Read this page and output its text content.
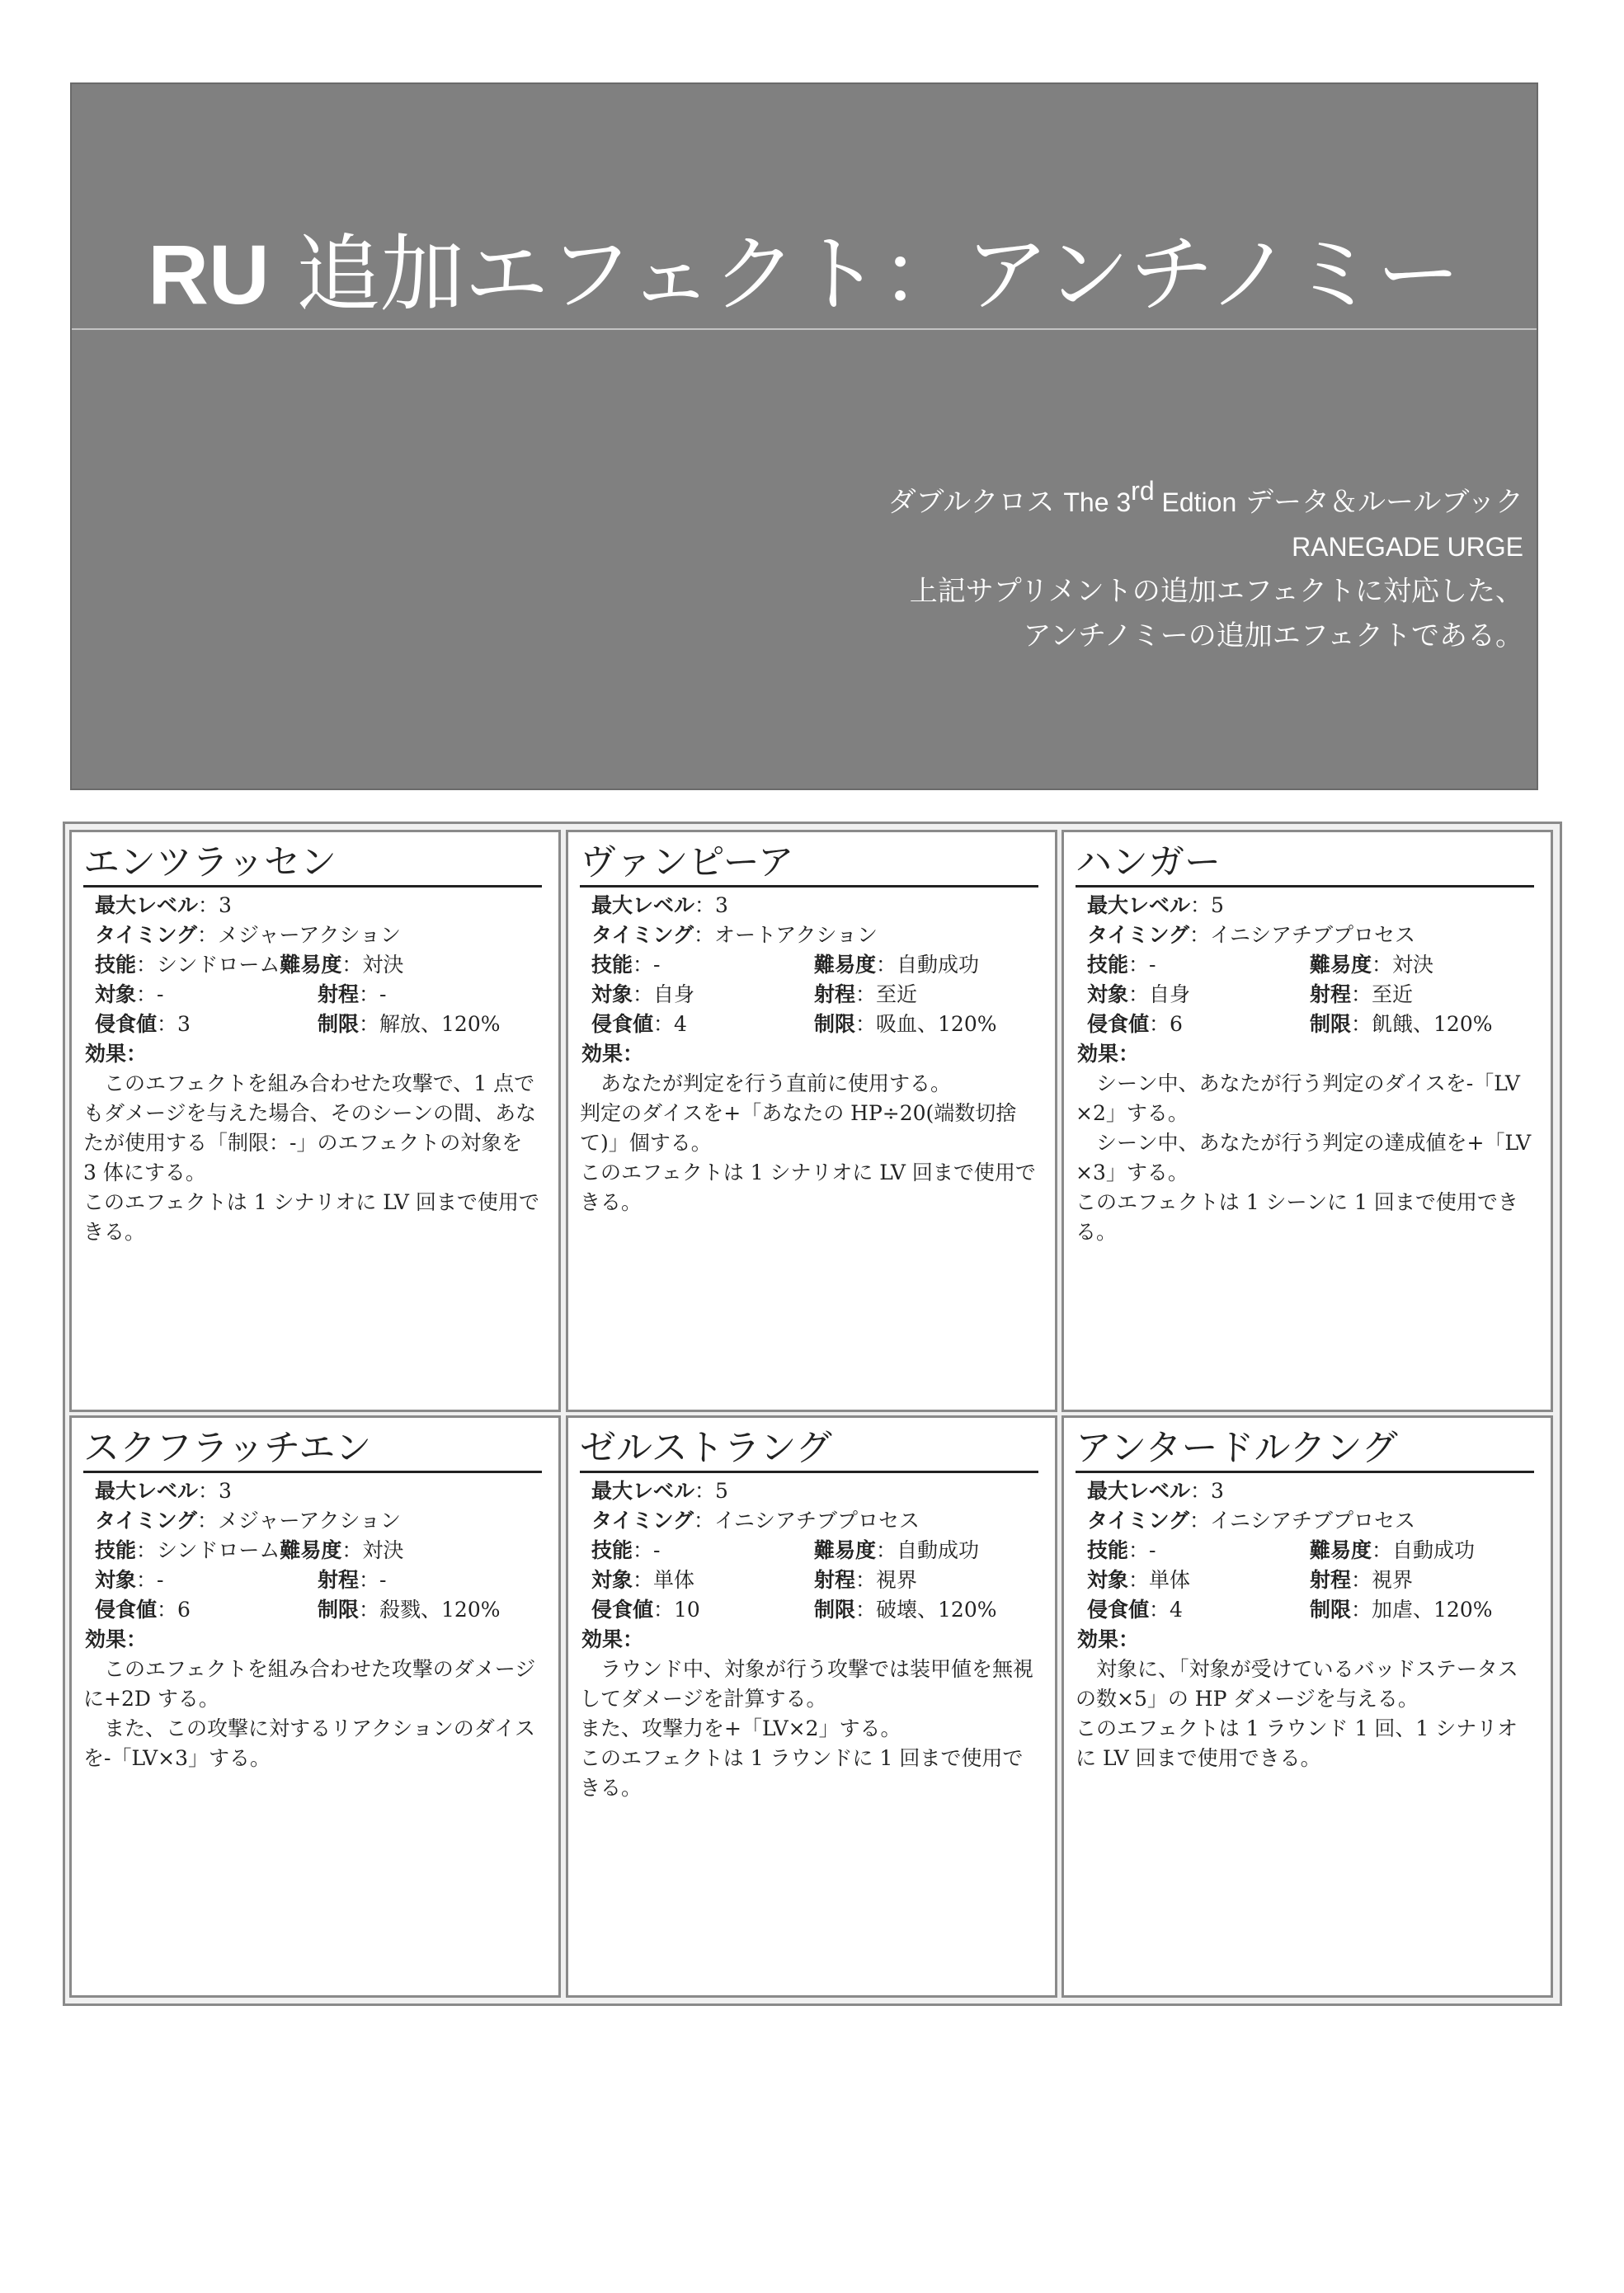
RU 追加エフェクト：アンチノミー
ダブルクロス The 3rd Edtion データ＆ルールブック
RANEGADE URGE
上記サプリメントの追加エフェクトに対応した、
アンチノミーの追加エフェクトである。
エンツラッセン
最大レベル：3
タイミング：メジャーアクション
技能：シンドローム難易度：対決
対象：-	射程：-
侵食値：3	制限：解放、120%
効果：
　このエフェクトを組み合わせた攻撃で、1 点でもダメージを与えた場合、そのシーンの間、あなたが使用する「制限：-」のエフェクトの対象を 3 体にする。
このエフェクトは 1 シナリオに LV 回まで使用できる。
ヴァンピーア
最大レベル：3
タイミング：オートアクション
技能：-	難易度：自動成功
対象：自身	射程：至近
侵食値：4	制限：吸血、120%
効果：
　あなたが判定を行う直前に使用する。
判定のダイスを+「あなたの HP÷20(端数切捨て)」個する。
このエフェクトは 1 シナリオに LV 回まで使用できる。
ハンガー
最大レベル：5
タイミング：イニシアチブプロセス
技能：-	難易度：対決
対象：自身	射程：至近
侵食値：6	制限：飢餓、120%
効果：
　シーン中、あなたが行う判定のダイスを-「LV×2」する。
　シーン中、あなたが行う判定の達成値を+「LV×3」する。
このエフェクトは 1 シーンに 1 回まで使用できる。
スクフラッチエン
最大レベル：3
タイミング：メジャーアクション
技能：シンドローム難易度：対決
対象：-	射程：-
侵食値：6	制限：殺戮、120%
効果：
　このエフェクトを組み合わせた攻撃のダメージに+2D する。
　また、この攻撃に対するリアクションのダイスを-「LV×3」する。
ゼルストラング
最大レベル：5
タイミング：イニシアチブプロセス
技能：-	難易度：自動成功
対象：単体	射程：視界
侵食値：10	制限：破壊、120%
効果：
　ラウンド中、対象が行う攻撃では装甲値を無視してダメージを計算する。
また、攻撃力を+「LV×2」する。
このエフェクトは 1 ラウンドに 1 回まで使用できる。
アンタードルクング
最大レベル：3
タイミング：イニシアチブプロセス
技能：-	難易度：自動成功
対象：単体	射程：視界
侵食値：4	制限：加虐、120%
効果：
　対象に、「対象が受けているバッドステータスの数×5」の HP ダメージを与える。
このエフェクトは 1 ラウンド 1 回、1 シナリオに LV 回まで使用できる。
